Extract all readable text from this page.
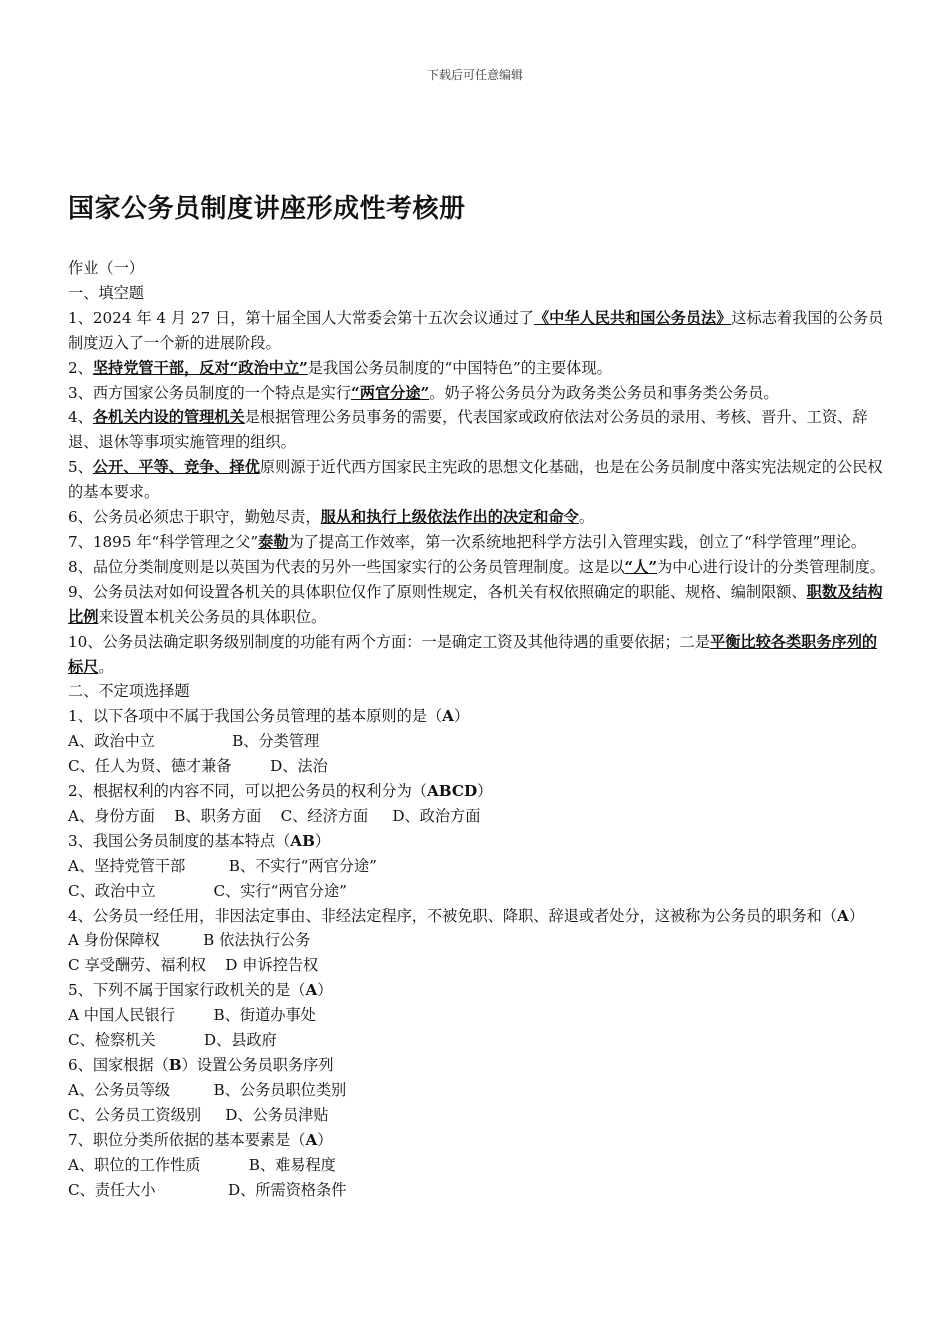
下载后可任意编辑
国家公务员制度讲座形成性考核册

作业（一）

一、填空题

1、2024 年 4 月 27 日，第十届全国人大常委会第十五次会议通过了《中华人民共和国公务员法》这标志着我国的公务员制度迈入了一个新的进展阶段。

2、坚持党管干部，反对“政治中立”是我国公务员制度的“中国特色”的主要体现。

3、西方国家公务员制度的一个特点是实行“两官分途”。奶子将公务员分为政务类公务员和事务类公务员。

4、各机关内设的管理机关是根据管理公务员事务的需要，代表国家或政府依法对公务员的录用、考核、晋升、工资、辞退、退休等事项实施管理的组织。

5、公开、平等、竞争、择优原则源于近代西方国家民主宪政的思想文化基础，也是在公务员制度中落实宪法规定的公民权的基本要求。

6、公务员必须忠于职守，勤勉尽责，服从和执行上级依法作出的决定和命令。

7、1895 年“科学管理之父”泰勒为了提高工作效率，第一次系统地把科学方法引入管理实践，创立了“科学管理”理论。

8、品位分类制度则是以英国为代表的另外一些国家实行的公务员管理制度。这是以“人”为中心进行设计的分类管理制度。

9、公务员法对如何设置各机关的具体职位仅作了原则性规定，各机关有权依照确定的职能、规格、编制限额、职数及结构比例来设置本机关公务员的具体职位。

10、公务员法确定职务级别制度的功能有两个方面：一是确定工资及其他待遇的重要依据；二是平衡比较各类职务序列的标尺。

二、不定项选择题

1、以下各项中不属于我国公务员管理的基本原则的是（A）

A、政治中立                B、分类管理

C、任人为贤、德才兼备        D、法治

2、根据权利的内容不同，可以把公务员的权利分为（ABCD）

A、身份方面    B、职务方面    C、经济方面     D、政治方面

3、我国公务员制度的基本特点（AB）

A、坚持党管干部         B、不实行“两官分途”

C、政治中立            C、实行“两官分途”

4、公务员一经任用，非因法定事由、非经法定程序，不被免职、降职、辞退或者处分，这被称为公务员的职务和（A）

A 身份保障权         B 依法执行公务

C 享受酬劳、福利权    D 申诉控告权

5、下列不属于国家行政机关的是（A）

A 中国人民银行        B、街道办事处

C、检察机关          D、县政府

6、国家根据（B）设置公务员职务序列

A、公务员等级         B、公务员职位类别

C、公务员工资级别     D、公务员津贴

7、职位分类所依据的基本要素是（A）

A、职位的工作性质          B、难易程度

C、责任大小               D、所需资格条件
